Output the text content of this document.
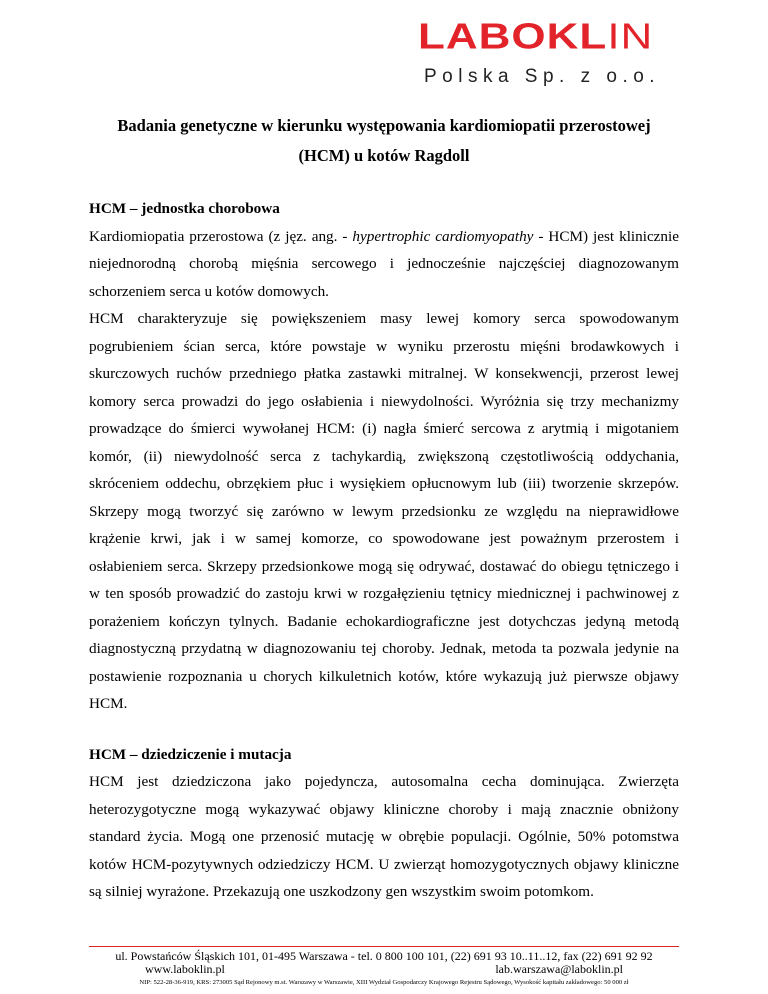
LABOKLIN
Polska Sp. z o.o.
Badania genetyczne w kierunku występowania kardiomiopatii przerostowej
(HCM) u kotów Ragdoll
HCM – jednostka chorobowa

Kardiomiopatia przerostowa (z jęz. ang. - hypertrophic cardiomyopathy - HCM) jest klinicznie niejednorodną chorobą mięśnia sercowego i jednocześnie najczęściej diagnozowanym schorzeniem serca u kotów domowych.

HCM charakteryzuje się powiększeniem masy lewej komory serca spowodowanym pogrubieniem ścian serca, które powstaje w wyniku przerostu mięśni brodawkowych i skurczowych ruchów przedniego płatka zastawki mitralnej. W konsekwencji, przerost lewej komory serca prowadzi do jego osłabienia i niewydolności. Wyróżnia się trzy mechanizmy prowadzące do śmierci wywołanej HCM: (i) nagła śmierć sercowa z arytmią i migotaniem komór, (ii) niewydolność serca z tachykardią, zwiększoną częstotliwością oddychania, skróceniem oddechu, obrzękiem płuc i wysiękiem opłucnowym lub (iii) tworzenie skrzepów. Skrzepy mogą tworzyć się zarówno w lewym przedsionku ze względu na nieprawidłowe krążenie krwi, jak i w samej komorze, co spowodowane jest poważnym przerostem i osłabieniem serca. Skrzepy przedsionkowe mogą się odrywać, dostawać do obiegu tętniczego i w ten sposób prowadzić do zastoju krwi w rozgałęzieniu tętnicy miednicznej i pachwinowej z porażeniem kończyn tylnych. Badanie echokardiograficzne jest dotychczas jedyną metodą diagnostyczną przydatną w diagnozowaniu tej choroby. Jednak, metoda ta pozwala jedynie na postawienie rozpoznania u chorych kilkuletnich kotów, które wykazują już pierwsze objawy HCM.

HCM – dziedziczenie i mutacja

HCM jest dziedziczona jako pojedyncza, autosomalna cecha dominująca. Zwierzęta heterozygotyczne mogą wykazywać objawy kliniczne choroby i mają znacznie obniżony standard życia. Mogą one przenosić mutację w obrębie populacji. Ogólnie, 50% potomstwa kotów HCM-pozytywnych odziedziczy HCM. U zwierząt homozygotycznych objawy kliniczne są silniej wyrażone. Przekazują one uszkodzony gen wszystkim swoim potomkom.

ul. Powstańców Śląskich 101, 01-495 Warszawa - tel. 0 800 100 101, (22) 691 93 10..11..12, fax (22) 691 92 92
www.laboklin.pl	lab.warszawa@laboklin.pl
NIP: 522-28-36-919, KRS: 273005 Sąd Rejonowy m.st. Warszawy w Warszawie, XIII Wydział Gospodarczy Krajowego Rejestru Sądowego, Wysokość kapitału zakładowego: 50 000 zł
